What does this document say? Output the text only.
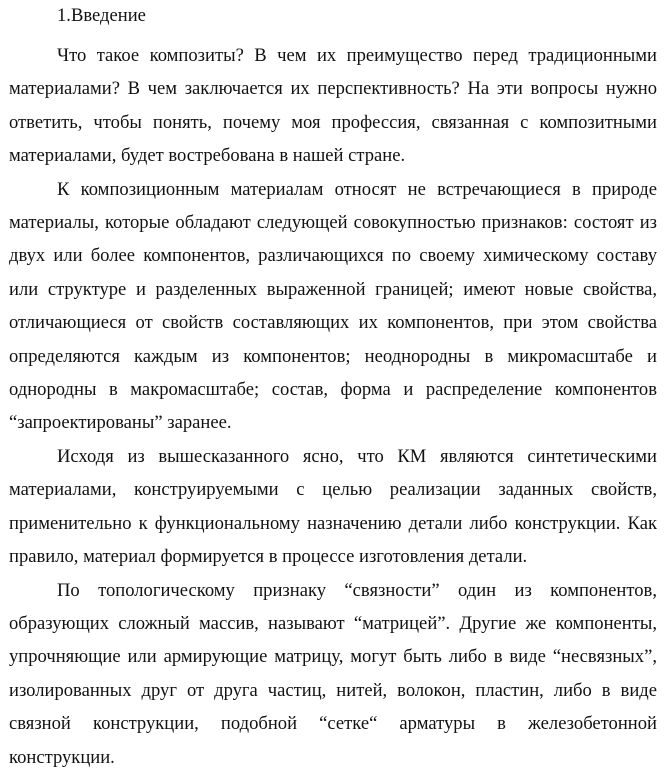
1.Введение

Что такое композиты? В чем их преимущество перед традиционными материалами? В чем заключается их перспективность? На эти вопросы нужно ответить, чтобы понять, почему моя профессия, связанная с композитными материалами, будет востребована в нашей стране.

К композиционным материалам относят не встречающиеся в природе материалы, которые обладают следующей совокупностью признаков: состоят из двух или более компонентов, различающихся по своему химическому составу или структуре и разделенных выраженной границей; имеют новые свойства, отличающиеся от свойств составляющих их компонентов, при этом свойства определяются каждым из компонентов; неоднородны в микромасштабе и однородны в макромасштабе; состав, форма и распределение компонентов “запроектированы” заранее.

Исходя из вышесказанного ясно, что КМ являются синтетическими материалами, конструируемыми с целью реализации заданных свойств, применительно к функциональному назначению детали либо конструкции. Как правило, материал формируется в процессе изготовления детали.

По топологическому признаку “связности” один из компонентов, образующих сложный массив, называют “матрицей”. Другие же компоненты, упрочняющие или армирующие матрицу, могут быть либо в виде “несвязных”, изолированных друг от друга частиц, нитей, волокон, пластин, либо в виде связной конструкции, подобной “сетке“ арматуры в железобетонной конструкции.
